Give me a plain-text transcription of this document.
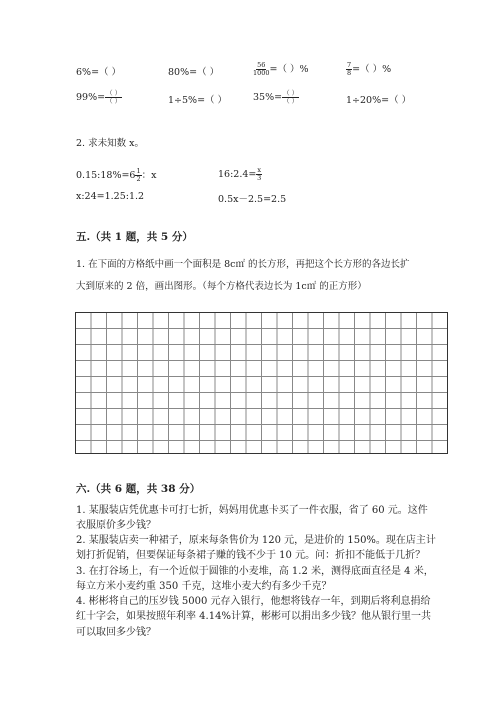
6%=（ ）	80%=（ ）	$\frac{56}{1000}$ =（ ）%	$\frac{7}{8}$ =（ ）%
$99\%= \frac{( )}{( )}$	1÷5%=（ ）	$35\%= \frac{( )}{( )}$	1÷20%=（ ）
2. 求未知数 x。
0.15:18%=6 $\frac{1}{2}$ ：x	16:2.4= $\frac{x}{3}$
x:24=1.25:1.2	0.5x－2.5=2.5
五.（共 1 题，共 5 分）
1. 在下面的方格纸中画一个面积是 8c㎡ 的长方形，再把这个长方形的各边长扩
大到原来的 2 倍，画出图形。（每个方格代表边长为 1c㎡ 的正方形）
六.（共 6 题，共 38 分）
1. 某服装店凭优惠卡可打七折，妈妈用优惠卡买了一件衣服，省了 60 元。这件衣服原价多少钱？
2. 某服装店卖一种裙子，原来每条售价为 120 元，是进价的 150%。现在店主计划打折促销，但要保证每条裙子赚的钱不少于 10 元。问：折扣不能低于几折？
3. 在打谷场上，有一个近似于圆锥的小麦堆，高 1.2 米，测得底面直径是 4 米，每立方米小麦约重 350 千克，这堆小麦大约有多少千克？
4. 彬彬将自己的压岁钱 5000 元存入银行，他想将钱存一年，到期后将利息捐给红十字会，如果按照年利率 4.14%计算，彬彬可以捐出多少钱？他从银行里一共可以取回多少钱？
